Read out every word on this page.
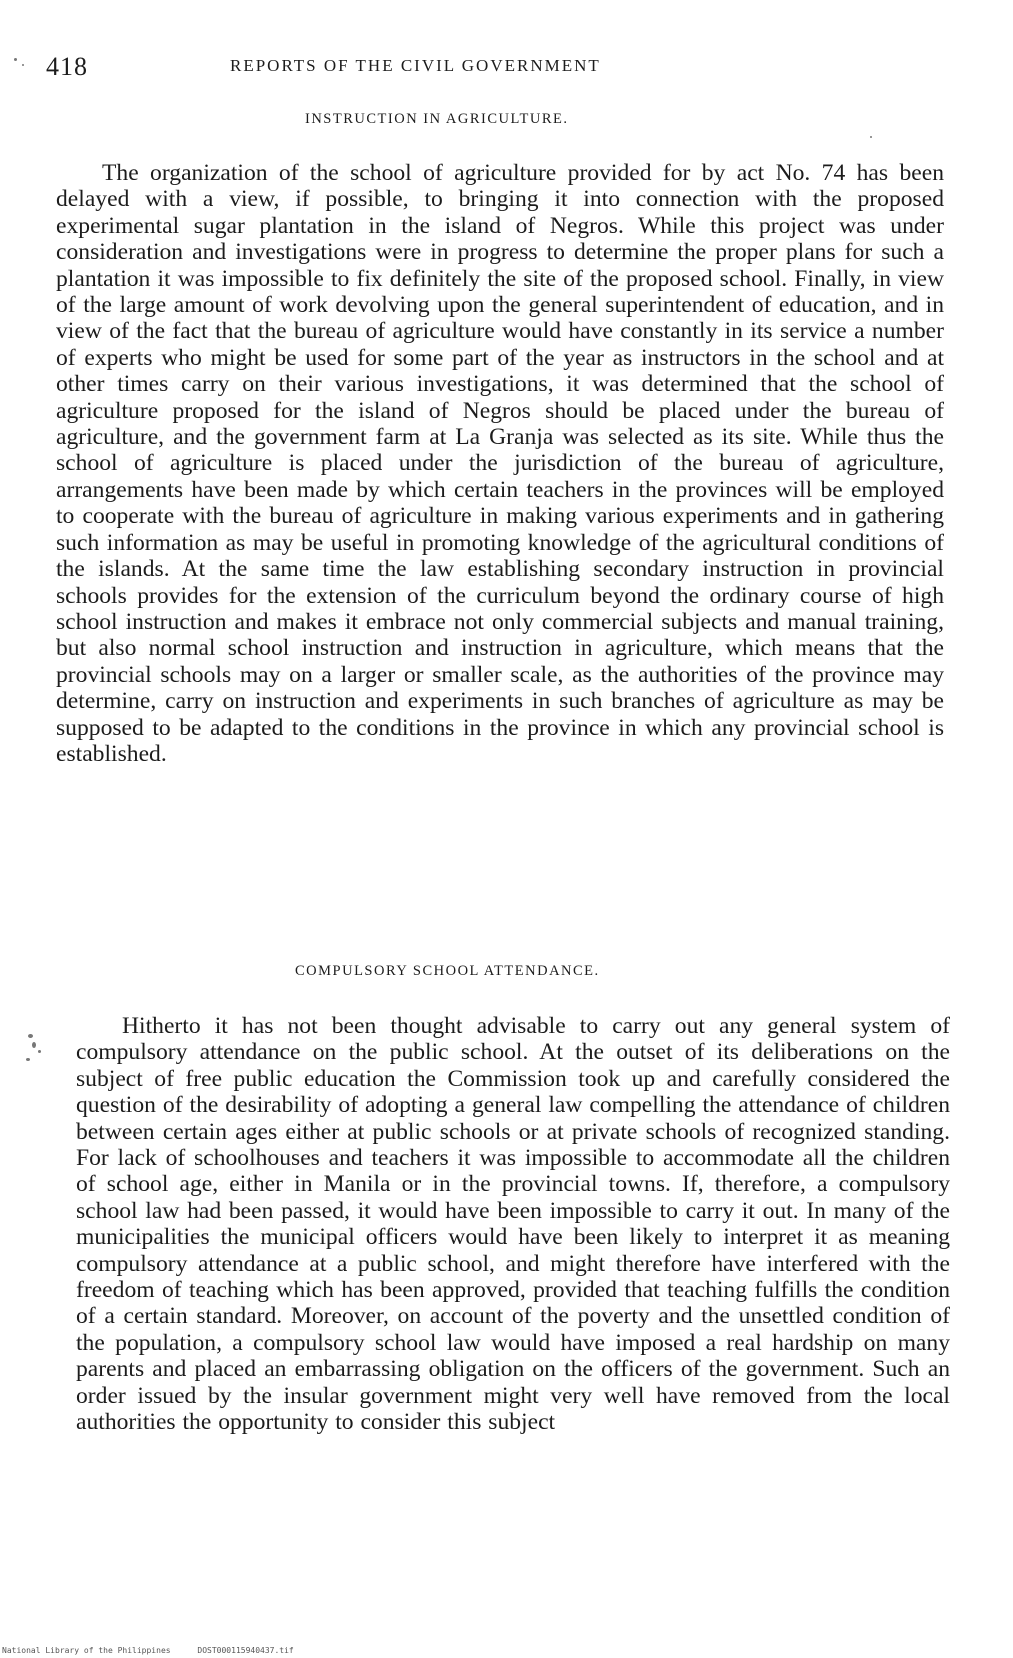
418	REPORTS OF THE CIVIL GOVERNMENT
INSTRUCTION IN AGRICULTURE.

The organization of the school of agriculture provided for by act No. 74 has been delayed with a view, if possible, to bringing it into connection with the proposed experimental sugar plantation in the island of Negros. While this project was under consideration and investigations were in progress to determine the proper plans for such a plantation it was impossible to fix definitely the site of the proposed school. Finally, in view of the large amount of work devolving upon the general superintendent of education, and in view of the fact that the bureau of agriculture would have constantly in its service a number of experts who might be used for some part of the year as instructors in the school and at other times carry on their various investigations, it was determined that the school of agriculture proposed for the island of Negros should be placed under the bureau of agriculture, and the government farm at La Granja was selected as its site. While thus the school of agriculture is placed under the jurisdiction of the bureau of agriculture, arrangements have been made by which certain teachers in the provinces will be employed to cooperate with the bureau of agriculture in making various experiments and in gathering such information as may be useful in promoting knowledge of the agricultural conditions of the islands. At the same time the law establishing secondary instruction in provincial schools provides for the extension of the curriculum beyond the ordinary course of high school instruction and makes it embrace not only commercial subjects and manual training, but also normal school instruction and instruction in agriculture, which means that the provincial schools may on a larger or smaller scale, as the authorities of the province may determine, carry on instruction and experiments in such branches of agriculture as may be supposed to be adapted to the conditions in the province in which any provincial school is established.

COMPULSORY SCHOOL ATTENDANCE.

Hitherto it has not been thought advisable to carry out any general system of compulsory attendance on the public school. At the outset of its deliberations on the subject of free public education the Commission took up and carefully considered the question of the desirability of adopting a general law compelling the attendance of children between certain ages either at public schools or at private schools of recognized standing. For lack of schoolhouses and teachers it was impossible to accommodate all the children of school age, either in Manila or in the provincial towns. If, therefore, a compulsory school law had been passed, it would have been impossible to carry it out. In many of the municipalities the municipal officers would have been likely to interpret it as meaning compulsory attendance at a public school, and might therefore have interfered with the freedom of teaching which has been approved, provided that teaching fulfills the condition of a certain standard. Moreover, on account of the poverty and the unsettled condition of the population, a compulsory school law would have imposed a real hardship on many parents and placed an embarrassing obligation on the officers of the government. Such an order issued by the insular government might very well have removed from the local authorities the opportunity to consider this subject

National Library of the Philippines	DOST000115940437.tif
